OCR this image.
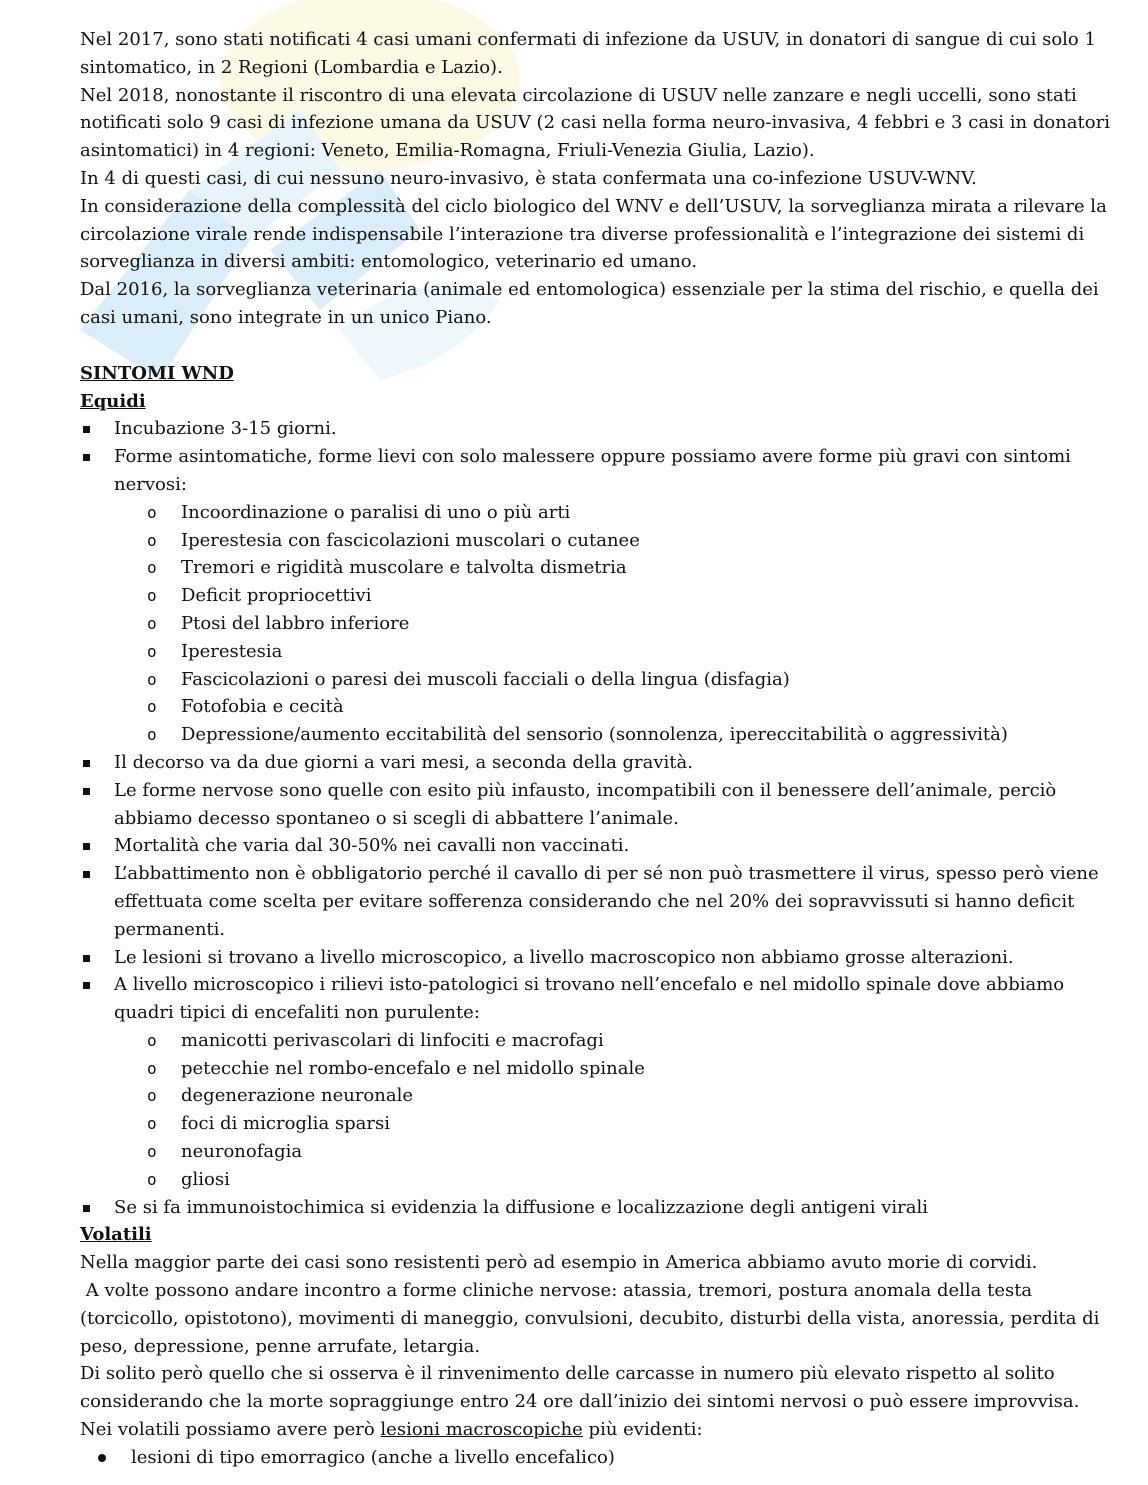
Nel 2017, sono stati notificati 4 casi umani confermati di infezione da USUV, in donatori di sangue di cui solo 1 sintomatico, in 2 Regioni (Lombardia e Lazio).

Nel 2018, nonostante il riscontro di una elevata circolazione di USUV nelle zanzare e negli uccelli, sono stati notificati solo 9 casi di infezione umana da USUV (2 casi nella forma neuro-invasiva, 4 febbri e 3 casi in donatori asintomatici) in 4 regioni: Veneto, Emilia-Romagna, Friuli-Venezia Giulia, Lazio).

In 4 di questi casi, di cui nessuno neuro-invasivo, è stata confermata una co-infezione USUV-WNV.

In considerazione della complessità del ciclo biologico del WNV e dell’USUV, la sorveglianza mirata a rilevare la circolazione virale rende indispensabile l’interazione tra diverse professionalità e l’integrazione dei sistemi di sorveglianza in diversi ambiti: entomologico, veterinario ed umano.

Dal 2016, la sorveglianza veterinaria (animale ed entomologica) essenziale per la stima del rischio, e quella dei casi umani, sono integrate in un unico Piano.

SINTOMI WND

Equidi

Incubazione 3-15 giorni.
Forme asintomatiche, forme lievi con solo malessere oppure possiamo avere forme più gravi con sintomi nervosi:
o Incoordinazione o paralisi di uno o più arti
o Iperestesia con fascicolazioni muscolari o cutanee
o Tremori e rigidità muscolare e talvolta dismetria
o Deficit propriocettivi
o Ptosi del labbro inferiore
o Iperestesia
o Fascicolazioni o paresi dei muscoli facciali o della lingua (disfagia)
o Fotofobia e cecità
o Depressione/aumento eccitabilità del sensorio (sonnolenza, ipereccitabilità o aggressività)
Il decorso va da due giorni a vari mesi, a seconda della gravità.
Le forme nervose sono quelle con esito più infausto, incompatibili con il benessere dell’animale, perciò abbiamo decesso spontaneo o si scegli di abbattere l’animale.
Mortalità che varia dal 30-50% nei cavalli non vaccinati.
L’abbattimento non è obbligatorio perché il cavallo di per sé non può trasmettere il virus, spesso però viene effettuata come scelta per evitare sofferenza considerando che nel 20% dei sopravvissuti si hanno deficit permanenti.
Le lesioni si trovano a livello microscopico, a livello macroscopico non abbiamo grosse alterazioni.
A livello microscopico i rilievi isto-patologici si trovano nell’encefalo e nel midollo spinale dove abbiamo quadri tipici di encefaliti non purulente:
o manicotti perivascolari di linfociti e macrofagi
o petecchie nel rombo-encefalo e nel midollo spinale
o degenerazione neuronale
o foci di microglia sparsi
o neuronofagia
o gliosi
Se si fa immunoistochimica si evidenzia la diffusione e localizzazione degli antigeni virali

Volatili

Nella maggior parte dei casi sono resistenti però ad esempio in America abbiamo avuto morie di corvidi.

A volte possono andare incontro a forme cliniche nervose: atassia, tremori, postura anomala della testa (torcicollo, opistotono), movimenti di maneggio, convulsioni, decubito, disturbi della vista, anoressia, perdita di peso, depressione, penne arrufate, letargia.

Di solito però quello che si osserva è il rinvenimento delle carcasse in numero più elevato rispetto al solito considerando che la morte sopraggiunge entro 24 ore dall’inizio dei sintomi nervosi o può essere improvvisa.

Nei volatili possiamo avere però lesioni macroscopiche più evidenti:

lesioni di tipo emorragico (anche a livello encefalico)
